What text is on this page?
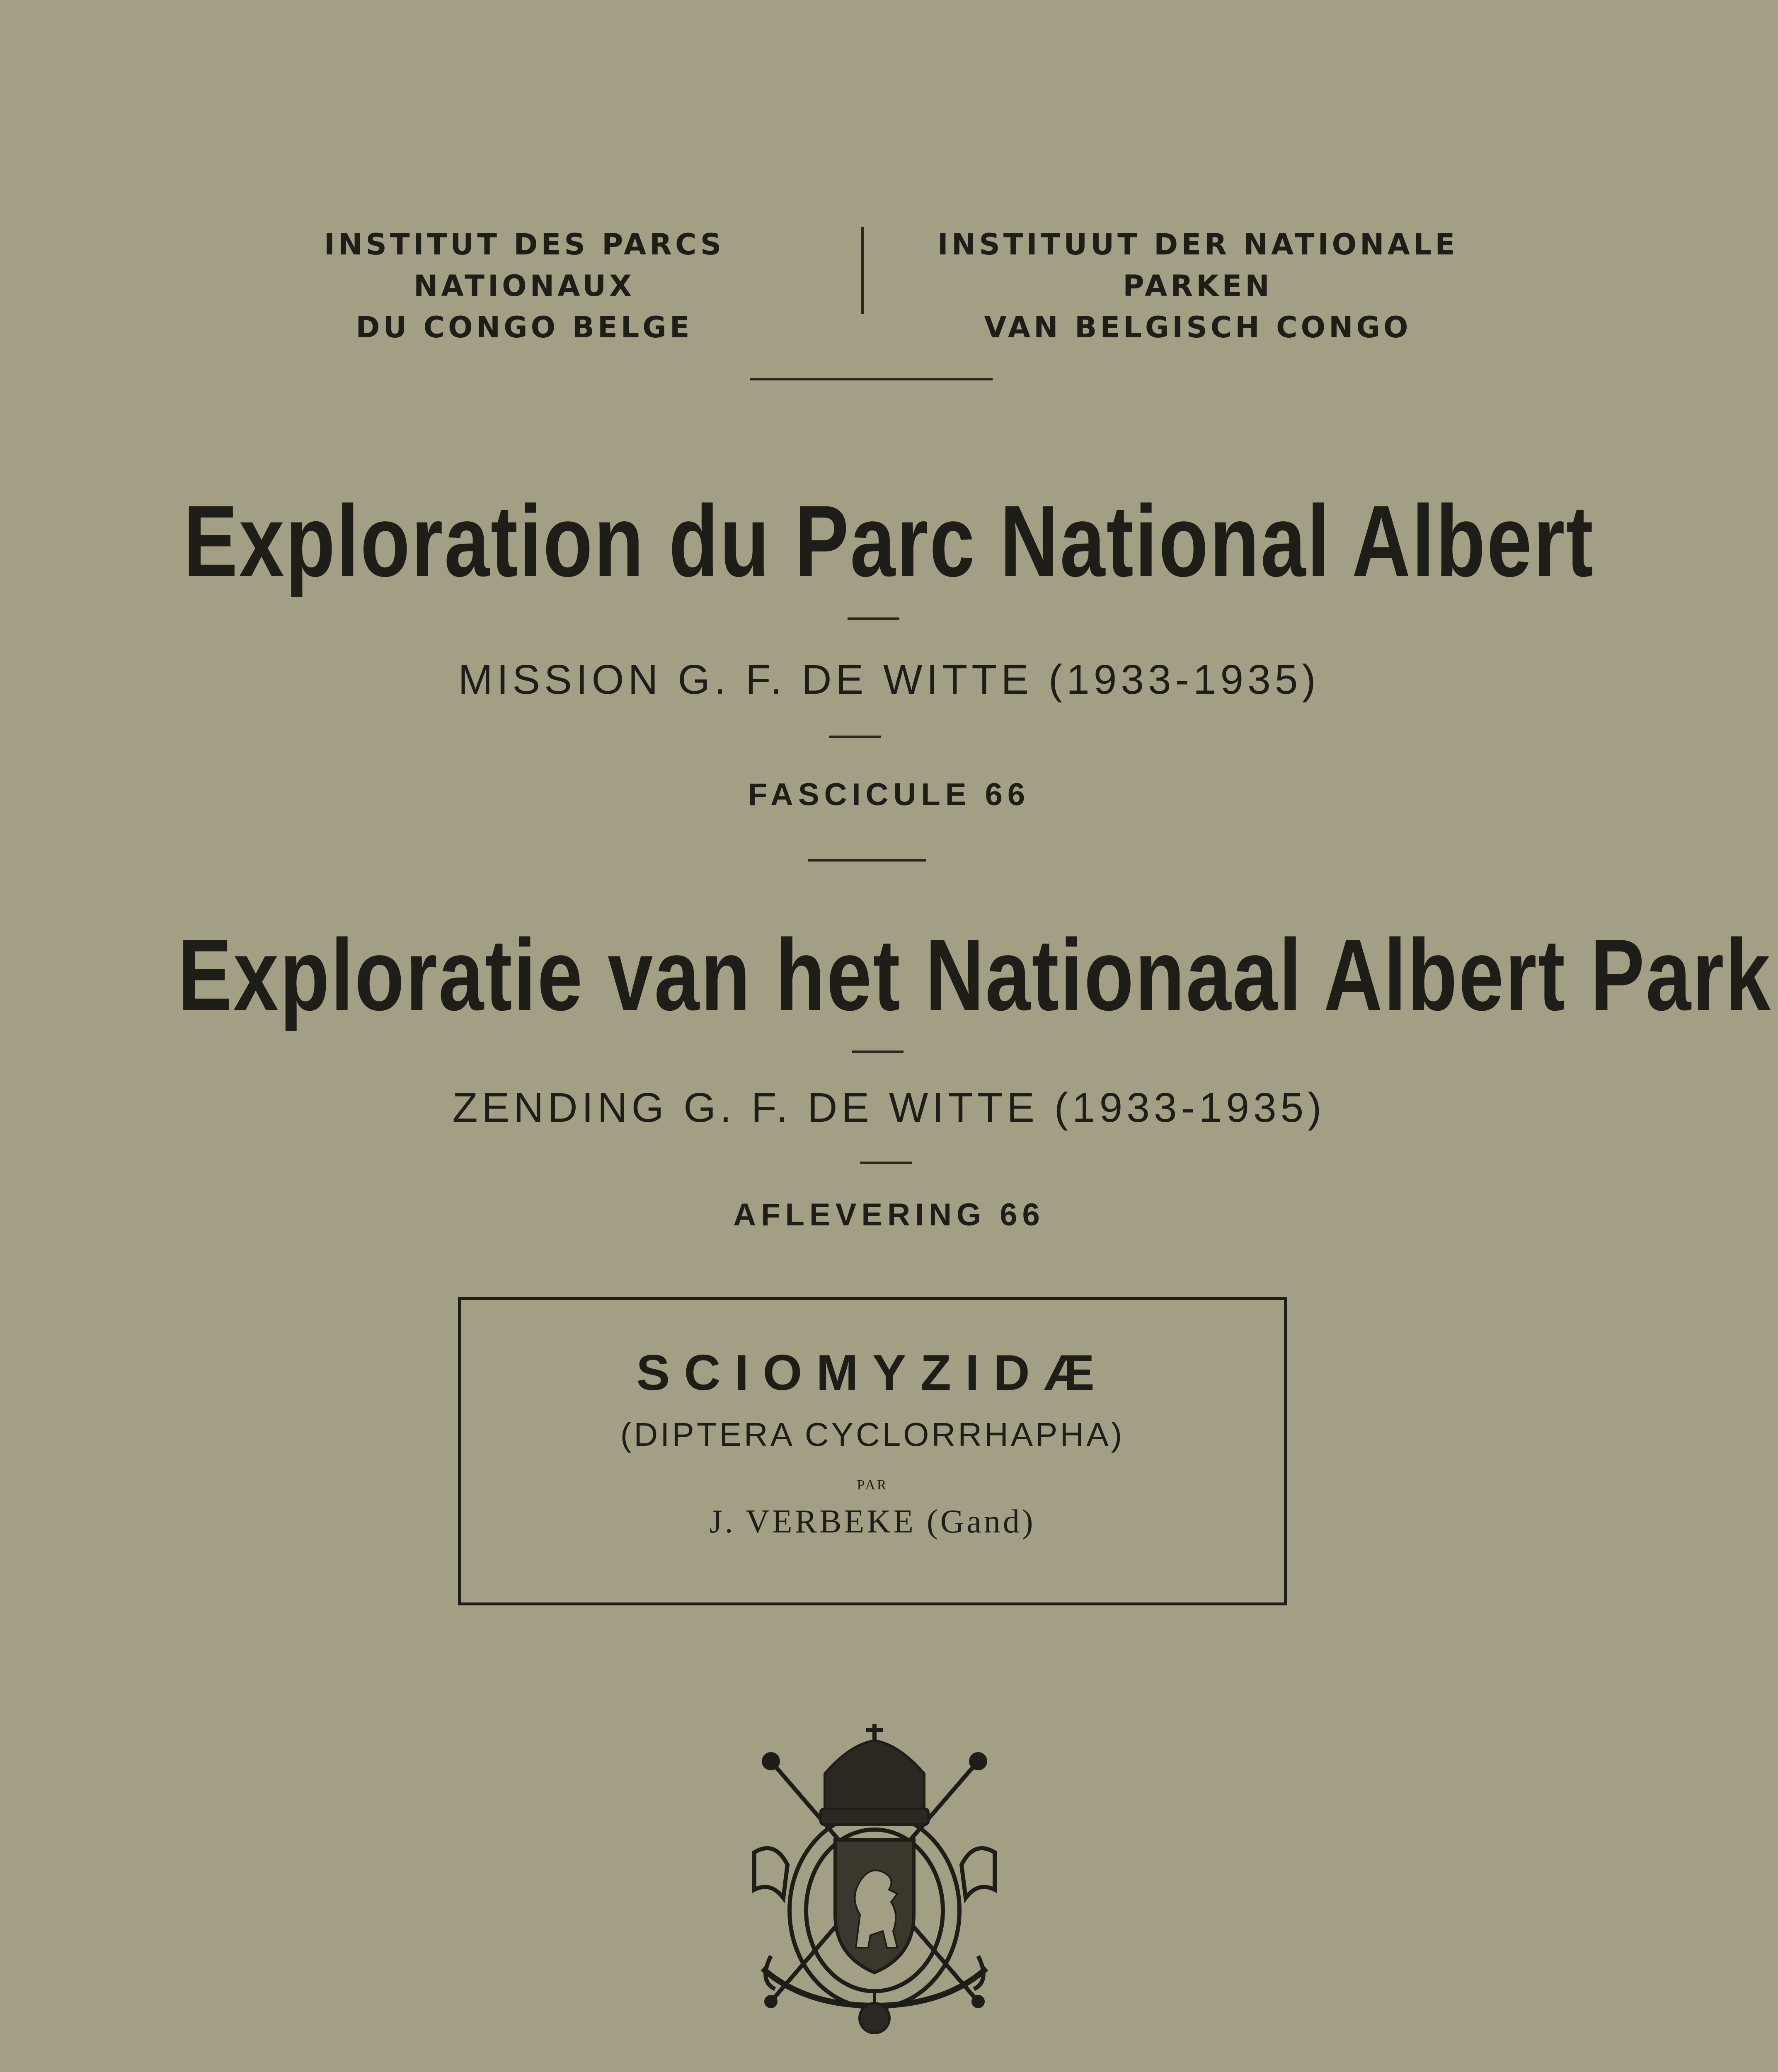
INSTITUT DES PARCS NATIONAUX
DU CONGO BELGE
INSTITUUT DER NATIONALE PARKEN
VAN BELGISCH CONGO
Exploration du Parc National Albert
MISSION G. F. DE WITTE (1933-1935)
FASCICULE 66
Exploratie van het Nationaal Albert Park
ZENDING G. F. DE WITTE (1933-1935)
AFLEVERING 66
SCIOMYZIDÆ
(DIPTERA CYCLORRHAPHA)
PAR
J. VERBEKE (Gand)
